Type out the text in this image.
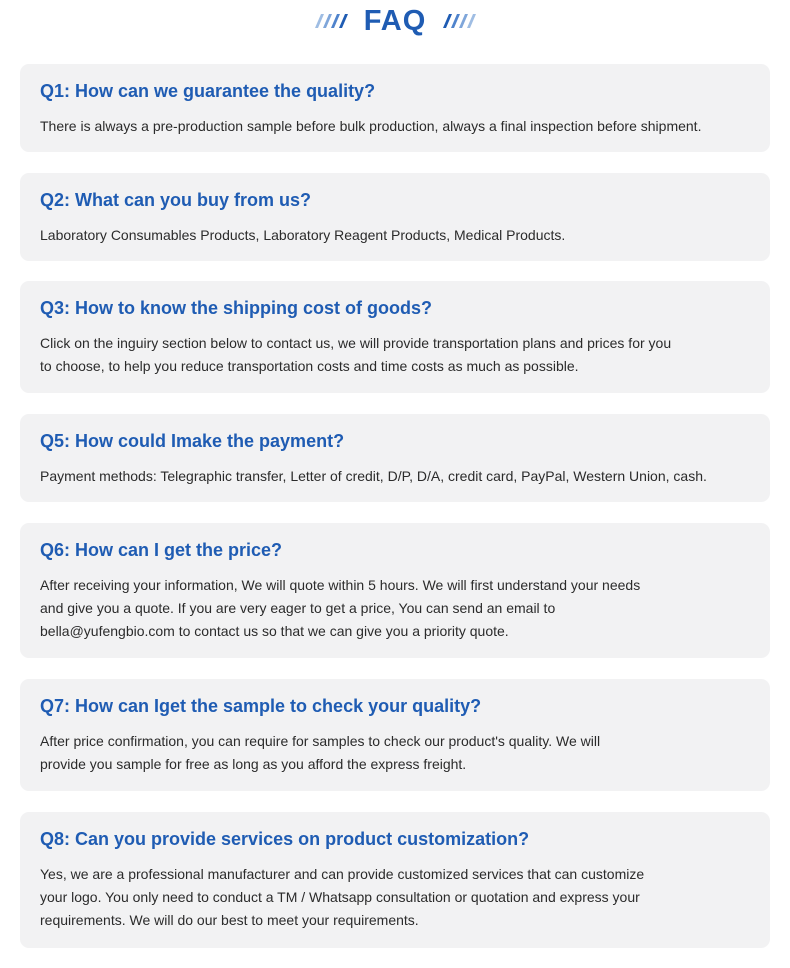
FAQ
Q1: How can we guarantee the quality?
There is always a pre-production sample before bulk production, always a final inspection before shipment.
Q2: What can you buy from us?
Laboratory Consumables Products, Laboratory Reagent Products, Medical Products.
Q3: How to know the shipping cost of goods?
Click on the inguiry section below to contact us, we will provide transportation plans and prices for you
to choose, to help you reduce transportation costs and time costs as much as possible.
Q5: How could Imake the payment?
Payment methods: Telegraphic transfer, Letter of credit, D/P, D/A, credit card, PayPal, Western Union, cash.
Q6: How can I get the price?
After receiving your information, We will quote within 5 hours. We will first understand your needs
and give you a quote. If you are very eager to get a price, You can send an email to
bella@yufengbio.com to contact us so that we can give you a priority quote.
Q7: How can Iget the sample to check your quality?
After price confirmation, you can require for samples to check our product's quality. We will
provide you sample for free as long as you afford the express freight.
Q8: Can you provide services on product customization?
Yes, we are a professional manufacturer and can provide customized services that can customize
your logo. You only need to conduct a TM / Whatsapp consultation or quotation and express your
requirements. We will do our best to meet your requirements.
